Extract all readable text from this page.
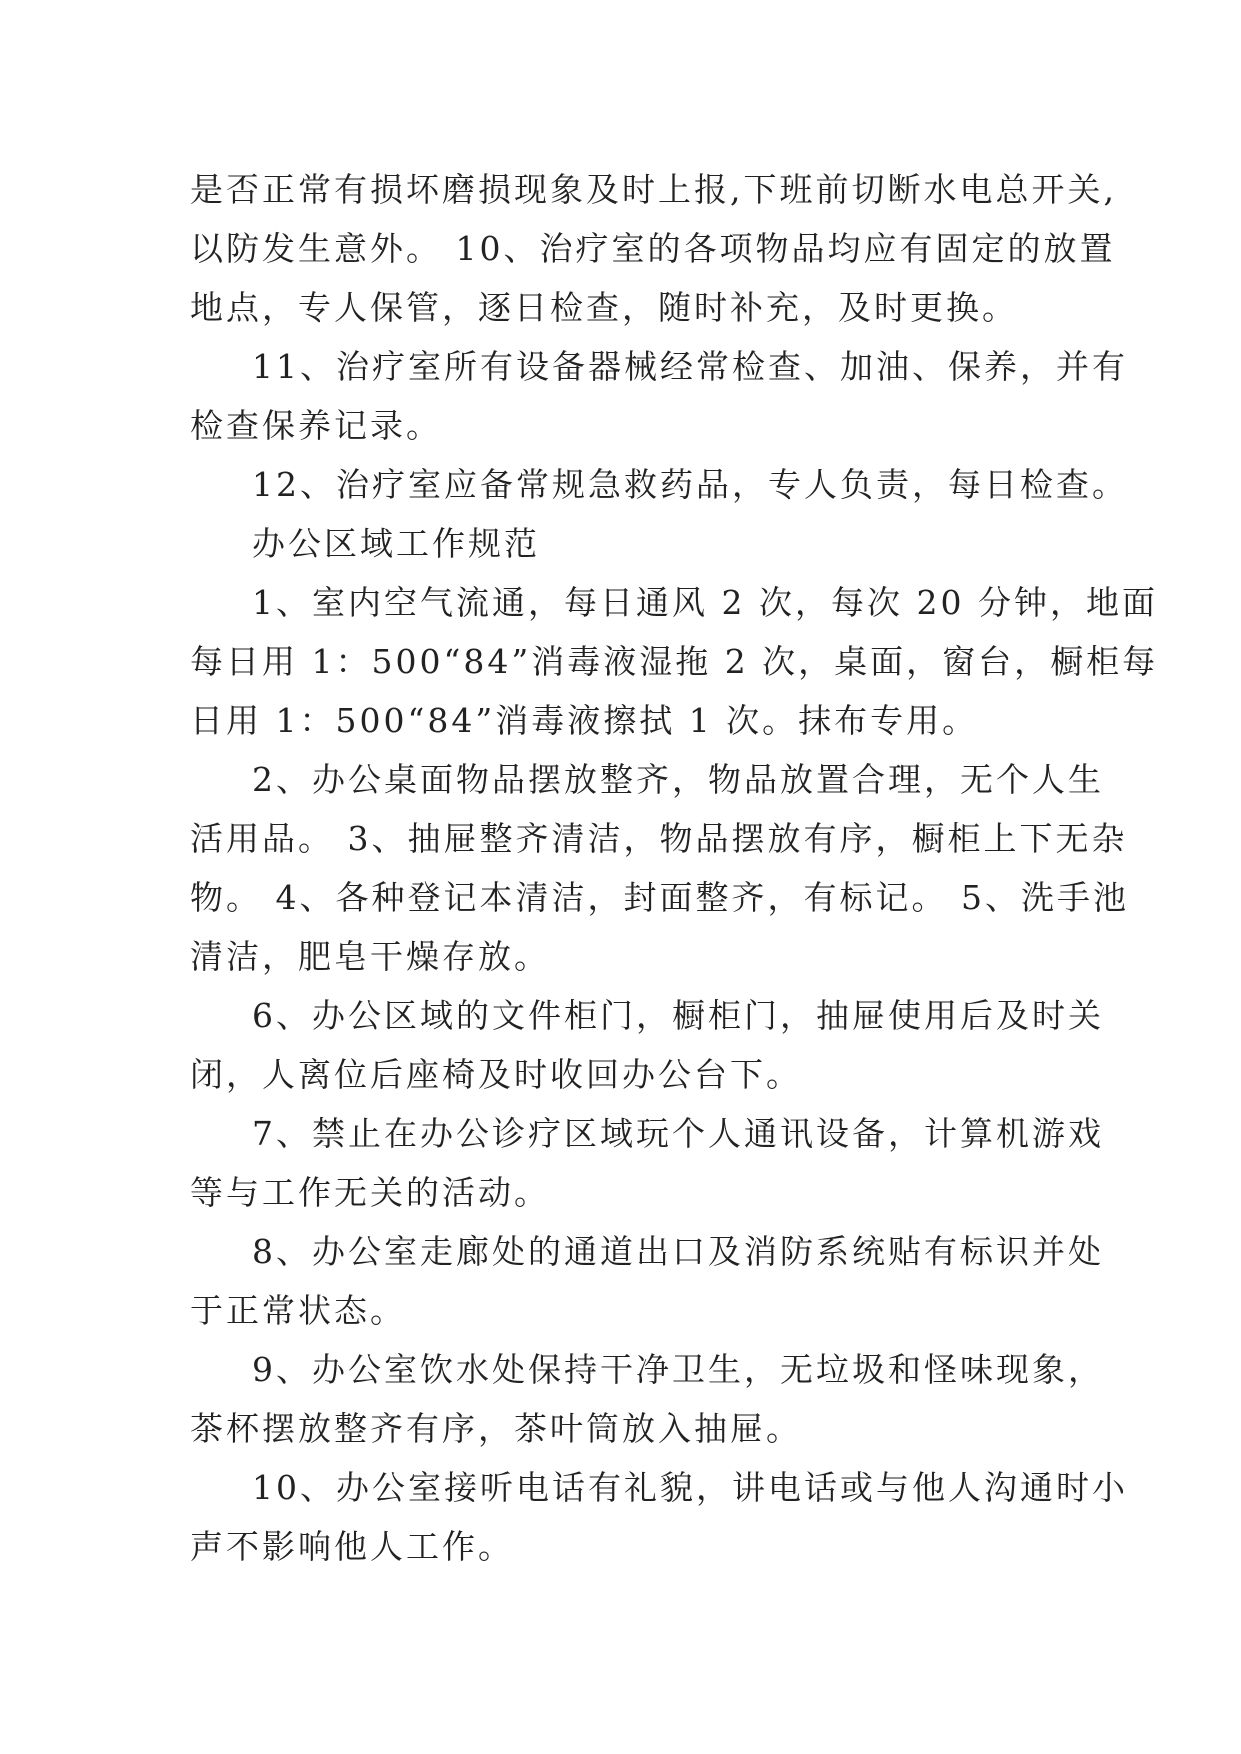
是否正常有损坏磨损现象及时上报,下班前切断水电总开关,
以防发生意外。 10、治疗室的各项物品均应有固定的放置
地点，专人保管，逐日检查，随时补充，及时更换。
11、治疗室所有设备器械经常检查、加油、保养，并有
检查保养记录。
12、治疗室应备常规急救药品，专人负责，每日检查。
办公区域工作规范
1、室内空气流通，每日通风 2 次，每次 20 分钟，地面
每日用 1：500“84”消毒液湿拖 2 次，桌面，窗台，橱柜每
日用 1：500“84”消毒液擦拭 1 次。抹布专用。
2、办公桌面物品摆放整齐，物品放置合理，无个人生
活用品。 3、抽屉整齐清洁，物品摆放有序，橱柜上下无杂
物。 4、各种登记本清洁，封面整齐，有标记。 5、洗手池
清洁，肥皂干燥存放。
6、办公区域的文件柜门，橱柜门，抽屉使用后及时关
闭，人离位后座椅及时收回办公台下。
7、禁止在办公诊疗区域玩个人通讯设备，计算机游戏
等与工作无关的活动。
8、办公室走廊处的通道出口及消防系统贴有标识并处
于正常状态。
9、办公室饮水处保持干净卫生，无垃圾和怪味现象，
茶杯摆放整齐有序，茶叶筒放入抽屉。
10、办公室接听电话有礼貌，讲电话或与他人沟通时小
声不影响他人工作。
